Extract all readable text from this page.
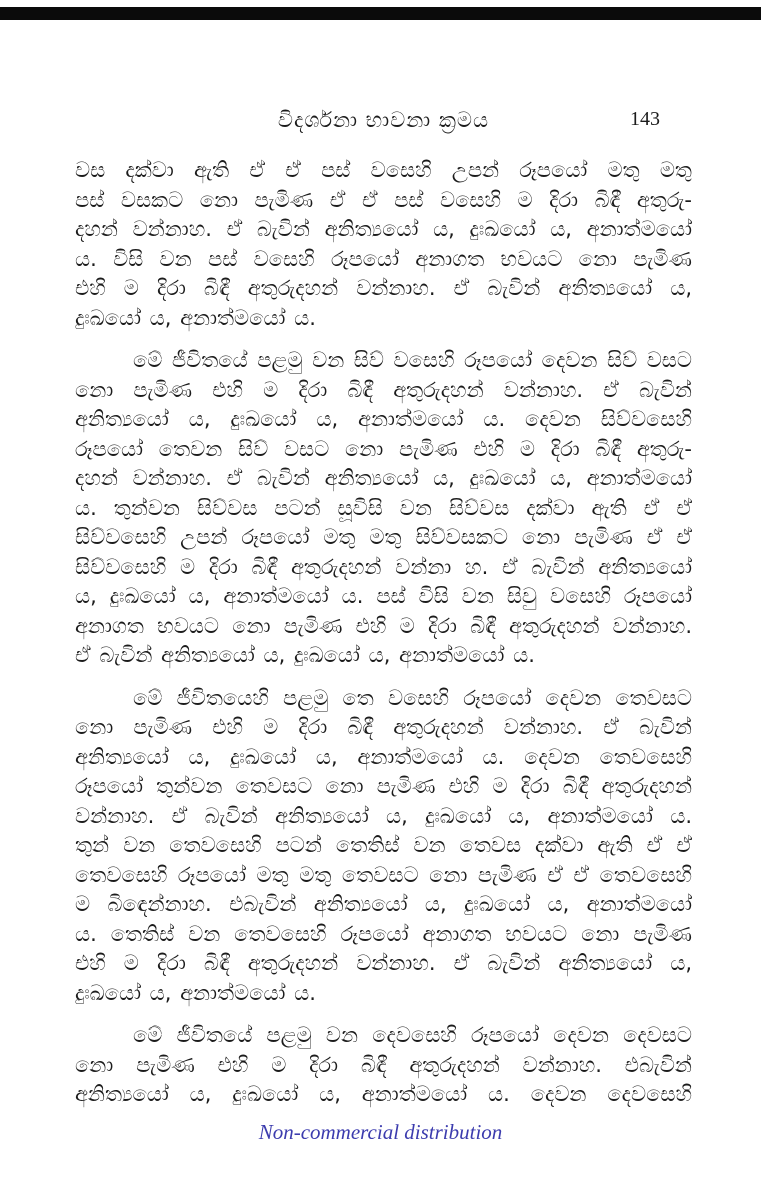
විදර්ශනා භාවනා ක්‍රමය	143
වස දක්වා ඇති ඒ ඒ පස් වසෙහි උපන් රූපයෝ මතු මතු
පස් වසකට නො පැමිණ ඒ ඒ පස් වසෙහි ම දිරා බිඳී අතුරු-
දහන් වන්නාහ. ඒ බැවින් අනිත්‍යයෝ ය, දුඃඛයෝ ය, අනාත්මයෝ
ය. විසි වන පස් වසෙහි රූපයෝ අනාගත භවයට නො පැමිණ
එහි ම දිරා බිඳී අතුරුදහන් වන්නාහ. ඒ බැවින් අනිත්‍යයෝ ය,
දුඃඛයෝ ය, අනාත්මයෝ ය.
මේ ජීවිතයේ පළමු වන සිව් වසෙහි රූපයෝ දෙවන සිව් වසට
නො පැමිණ එහි ම දිරා බිඳී අතුරුදහන් වන්නාහ. ඒ බැවින්
අනිත්‍යයෝ ය, දුඃඛයෝ ය, අනාත්මයෝ ය. දෙවන සිව්වසෙහි
රූපයෝ තෙවන සිව් වසට නො පැමිණ එහි ම දිරා බිඳී අතුරු-
දහන් වන්නාහ. ඒ බැවින් අනිත්‍යයෝ ය, දුඃඛයෝ ය, අනාත්මයෝ
ය. තුන්වන සිව්වස පටන් සූවිසි වන සිව්වස දක්වා ඇති ඒ ඒ
සිව්වසෙහි උපන් රූපයෝ මතු මතු සිව්වසකට නො පැමිණ ඒ ඒ
සිව්වසෙහි ම දිරා බිඳී අතුරුදහන් වන්නා හ. ඒ බැවින් අනිත්‍යයෝ
ය, දුඃඛයෝ ය, අනාත්මයෝ ය. පස් විසි වන සිවු වසෙහි රූපයෝ
අනාගත භවයට නො පැමිණ එහි ම දිරා බිඳී අතුරුදහන් වන්නාහ.
ඒ බැවින් අනිත්‍යයෝ ය, දුඃඛයෝ ය, අනාත්මයෝ ය.
මේ ජීවිතයෙහි පළමු තෙ වසෙහි රූපයෝ දෙවන තෙවසට
නො පැමිණ එහි ම දිරා බිඳී අතුරුදහන් වන්නාහ. ඒ බැවින්
අනිත්‍යයෝ ය, දුඃඛයෝ ය, අනාත්මයෝ ය. දෙවන තෙවසෙහි
රූපයෝ තුන්වන තෙවසට නො පැමිණ එහි ම දිරා බිඳී අතුරුදහන්
වන්නාහ. ඒ බැවින් අනිත්‍යයෝ ය, දුඃඛයෝ ය, අනාත්මයෝ ය.
තුන් වන තෙවසෙහි පටන් තෙතිස් වන තෙවස දක්වා ඇති ඒ ඒ
තෙවසෙහි රූපයෝ මතු මතු තෙවසට නො පැමිණ ඒ ඒ තෙවසෙහි
ම බිඳෙන්නාහ. එබැවින් අනිත්‍යයෝ ය, දුඃඛයෝ ය, අනාත්මයෝ
ය. තෙතිස් වන තෙවසෙහි රූපයෝ අනාගත භවයට නො පැමිණ
එහි ම දිරා බිඳී අතුරුදහන් වන්නාහ. ඒ බැවින් අනිත්‍යයෝ ය,
දුඃඛයෝ ය, අනාත්මයෝ ය.
මේ ජීවිතයේ පළමු වන දෙවසෙහි රූපයෝ දෙවන දෙවසට
නො පැමිණ එහි ම දිරා බිඳී අතුරුදහන් වන්නාහ. එබැවින්
අනිත්‍යයෝ ය, දුඃඛයෝ ය, අනාත්මයෝ ය. දෙවන දෙවසෙහි
Non-commercial distribution
